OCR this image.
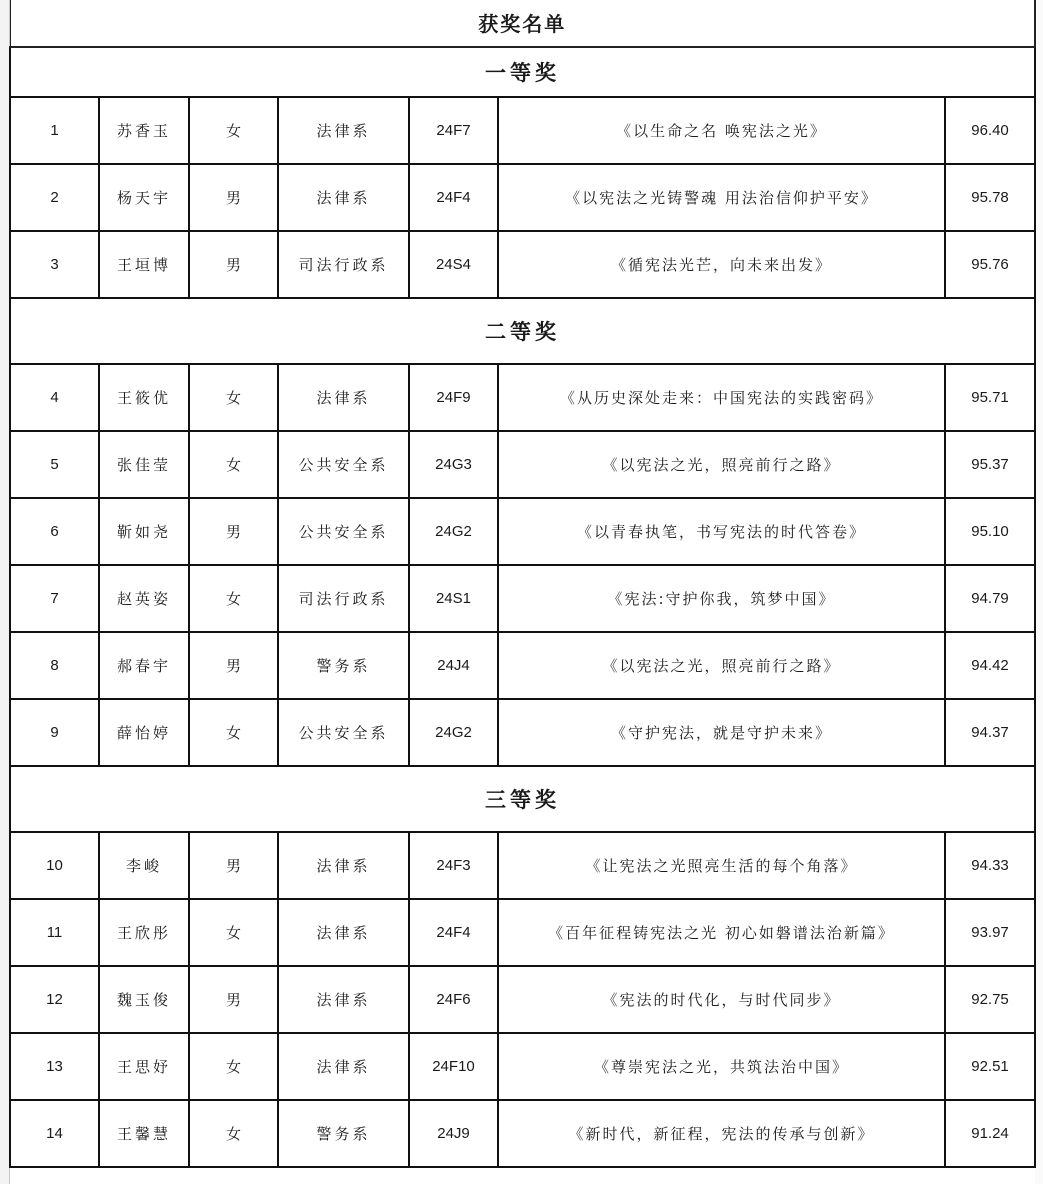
获奖名单						
一等奖						
1	苏香玉	女	法律系	24F7	《以生命之名 唤宪法之光》	96.40
2	杨天宇	男	法律系	24F4	《以宪法之光铸警魂 用法治信仰护平安》	95.78
3	王垣博	男	司法行政系	24S4	《循宪法光芒，向未来出发》	95.76
二等奖						
4	王筱优	女	法律系	24F9	《从历史深处走来：中国宪法的实践密码》	95.71
5	张佳莹	女	公共安全系	24G3	《以宪法之光，照亮前行之路》	95.37
6	靳如尧	男	公共安全系	24G2	《以青春执笔，书写宪法的时代答卷》	95.10
7	赵英姿	女	司法行政系	24S1	《宪法:守护你我，筑梦中国》	94.79
8	郝春宇	男	警务系	24J4	《以宪法之光，照亮前行之路》	94.42
9	薛怡婷	女	公共安全系	24G2	《守护宪法，就是守护未来》	94.37
三等奖						
10	李峻	男	法律系	24F3	《让宪法之光照亮生活的每个角落》	94.33
11	王欣彤	女	法律系	24F4	《百年征程铸宪法之光 初心如磐谱法治新篇》	93.97
12	魏玉俊	男	法律系	24F6	《宪法的时代化，与时代同步》	92.75
13	王思妤	女	法律系	24F10	《尊崇宪法之光，共筑法治中国》	92.51
14	王馨慧	女	警务系	24J9	《新时代，新征程，宪法的传承与创新》	91.24
